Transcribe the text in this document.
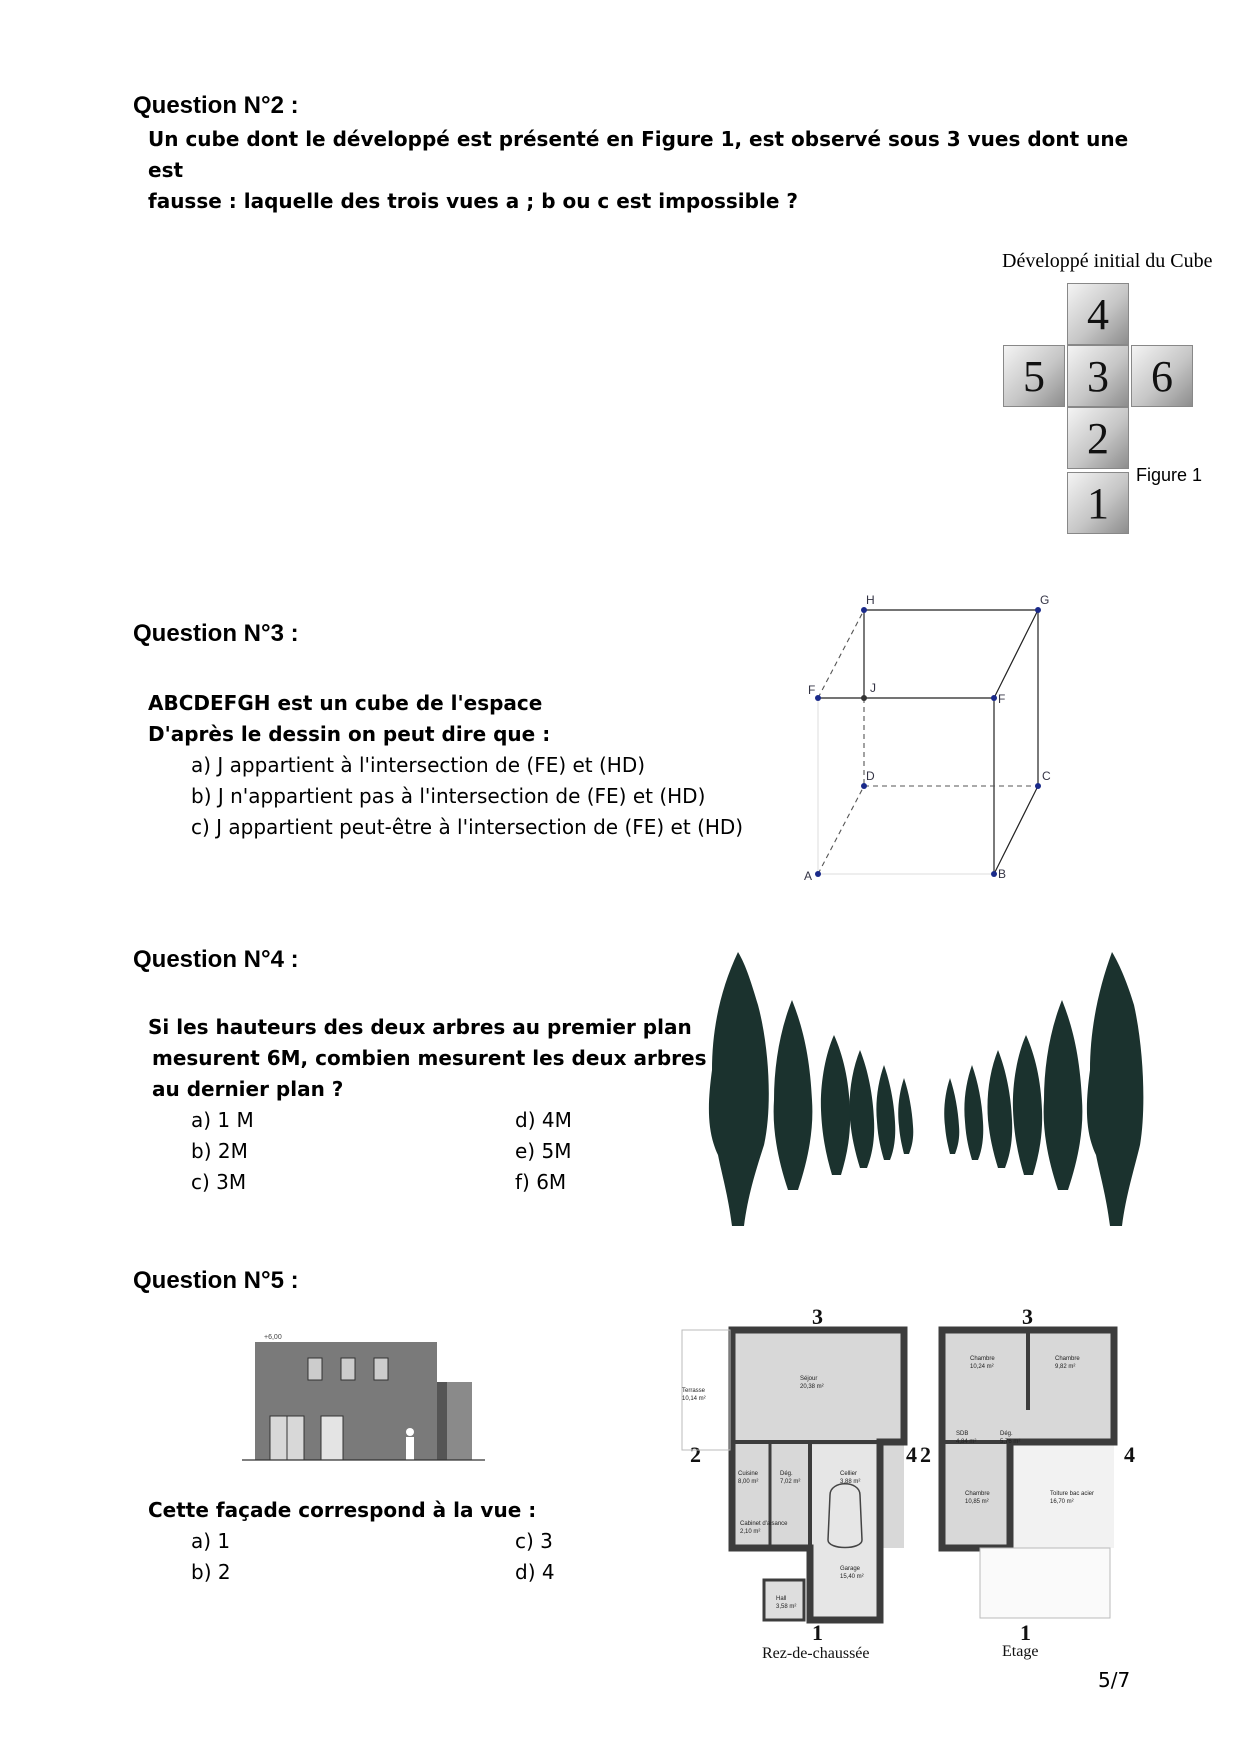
Question N°2 :
Un cube dont le développé est présenté en Figure 1, est observé sous 3 vues dont une est
fausse : laquelle des trois vues a ; b ou c est impossible ?
Développé initial du Cube
4
5 3 6
2
1
Figure 1
Question N°3 :
ABCDEFGH est un cube de l'espace
D'après le dessin on peut dire que :
a) J appartient à l'intersection de (FE) et (HD)
b) J n'appartient pas à l'intersection de (FE) et (HD)
c) J appartient peut-être à l'intersection de (FE) et (HD)
H	G
F	J
F
D	C
A	B
Question N°4 :
Si les hauteurs des deux arbres au premier plan
mesurent 6M, combien mesurent les deux arbres
au dernier plan ?
a) 1 M
b) 2M
c) 3M
d) 4M
e) 5M
f) 6M
Question N°5 :
+6,00
Cette façade correspond à la vue :
a) 1
b) 2
c) 3
d) 4
3
2	4
1
3
2	4
1
Séjour
20,38 m²
Terrasse
10,14 m²
Cuisine
8,00 m²
Dég.
7,02 m²
Cellier
3,88 m²
Cabinet d'aisance
2,10 m²
Garage
15,40 m²
Hall
3,58 m²
Chambre
10,24 m²
Chambre
9,82 m²
SDB
4,84 m²
Dég.
5,76 m²
Chambre
10,85 m²
Toiture bac acier
16,70 m²
Rez-de-chaussée	Etage
5/7
